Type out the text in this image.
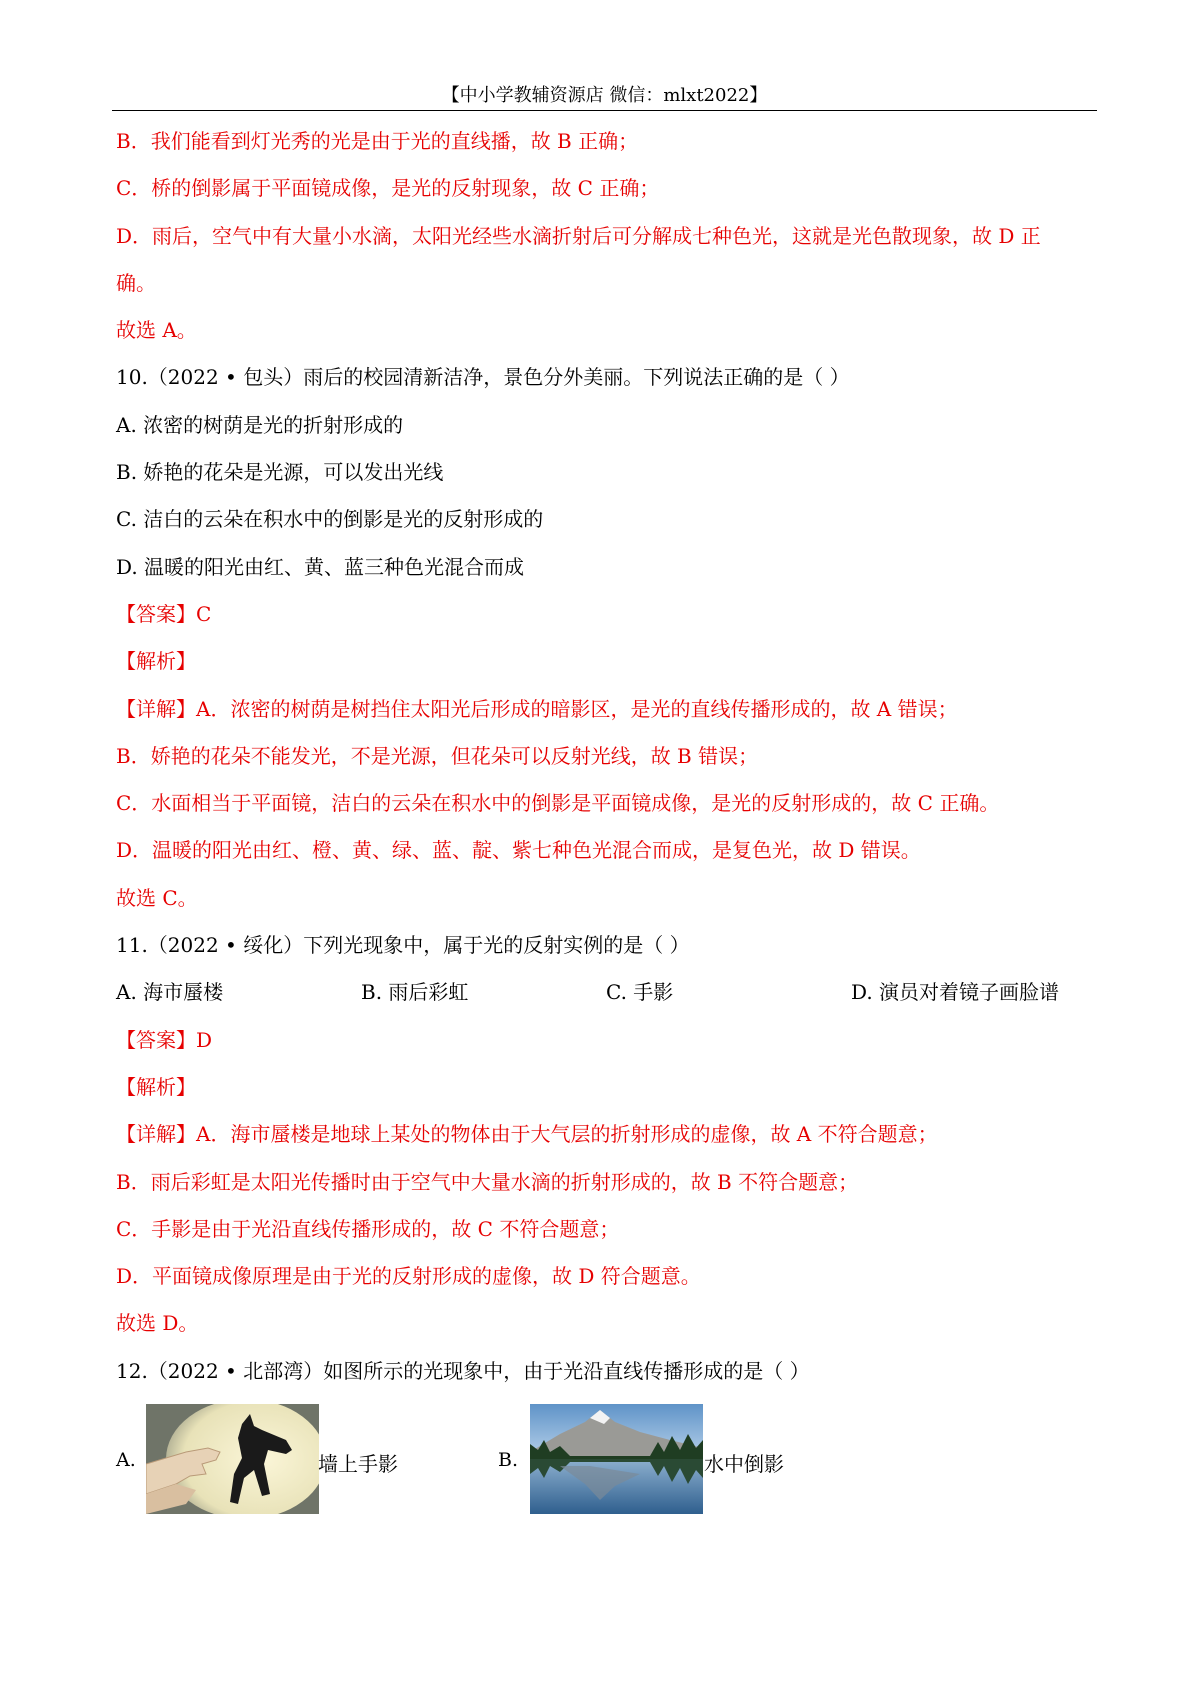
【中小学教辅资源店 微信：mlxt2022】
B．我们能看到灯光秀的光是由于光的直线播，故 B 正确；
C．桥的倒影属于平面镜成像，是光的反射现象，故 C 正确；
D．雨后，空气中有大量小水滴，太阳光经些水滴折射后可分解成七种色光，这就是光色散现象，故 D 正
确。
故选 A。
10.（2022 • 包头）雨后的校园清新洁净，景色分外美丽。下列说法正确的是（ ）
A. 浓密的树荫是光的折射形成的
B. 娇艳的花朵是光源，可以发出光线
C. 洁白的云朵在积水中的倒影是光的反射形成的
D. 温暖的阳光由红、黄、蓝三种色光混合而成
【答案】C
【解析】
【详解】A．浓密的树荫是树挡住太阳光后形成的暗影区，是光的直线传播形成的，故 A 错误；
B．娇艳的花朵不能发光，不是光源，但花朵可以反射光线，故 B 错误；
C．水面相当于平面镜，洁白的云朵在积水中的倒影是平面镜成像，是光的反射形成的，故 C 正确。
D．温暖的阳光由红、橙、黄、绿、蓝、靛、紫七种色光混合而成，是复色光，故 D 错误。
故选 C。
11.（2022 • 绥化）下列光现象中，属于光的反射实例的是（ ）
A. 海市蜃楼	B. 雨后彩虹	C. 手影	D. 演员对着镜子画脸谱
【答案】D
【解析】
【详解】A．海市蜃楼是地球上某处的物体由于大气层的折射形成的虚像，故 A 不符合题意；
B．雨后彩虹是太阳光传播时由于空气中大量水滴的折射形成的，故 B 不符合题意；
C．手影是由于光沿直线传播形成的，故 C 不符合题意；
D．平面镜成像原理是由于光的反射形成的虚像，故 D 符合题意。
故选 D。
12.（2022 • 北部湾）如图所示的光现象中，由于光沿直线传播形成的是（ ）
A.	墙上手影	B.	水中倒影
